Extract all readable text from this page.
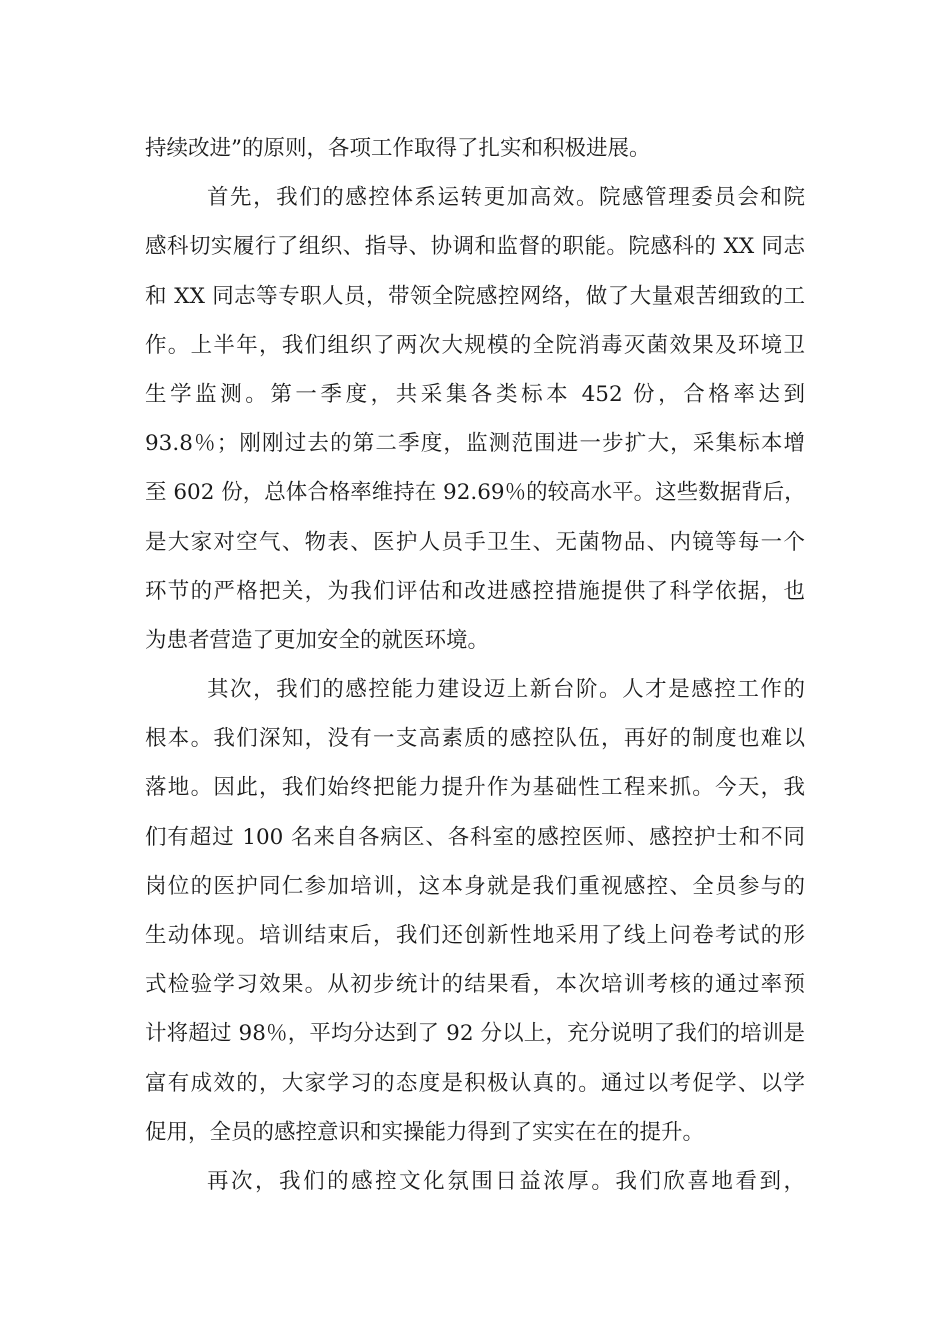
持续改进”的原则，各项工作取得了扎实和积极进展。
首先，我们的感控体系运转更加高效。院感管理委员会和院
感科切实履行了组织、指导、协调和监督的职能。院感科的 XX 同志
和 XX 同志等专职人员，带领全院感控网络，做了大量艰苦细致的工
作。上半年，我们组织了两次大规模的全院消毒灭菌效果及环境卫
生学监测。第一季度，共采集各类标本 452 份，合格率达到
93.8％；刚刚过去的第二季度，监测范围进一步扩大，采集标本增
至 602 份，总体合格率维持在 92.69％的较高水平。这些数据背后，
是大家对空气、物表、医护人员手卫生、无菌物品、内镜等每一个
环节的严格把关，为我们评估和改进感控措施提供了科学依据，也
为患者营造了更加安全的就医环境。
其次，我们的感控能力建设迈上新台阶。人才是感控工作的
根本。我们深知，没有一支高素质的感控队伍，再好的制度也难以
落地。因此，我们始终把能力提升作为基础性工程来抓。今天，我
们有超过 100 名来自各病区、各科室的感控医师、感控护士和不同
岗位的医护同仁参加培训，这本身就是我们重视感控、全员参与的
生动体现。培训结束后，我们还创新性地采用了线上问卷考试的形
式检验学习效果。从初步统计的结果看，本次培训考核的通过率预
计将超过 98％，平均分达到了 92 分以上，充分说明了我们的培训是
富有成效的，大家学习的态度是积极认真的。通过以考促学、以学
促用，全员的感控意识和实操能力得到了实实在在的提升。
再次，我们的感控文化氛围日益浓厚。我们欣喜地看到，
